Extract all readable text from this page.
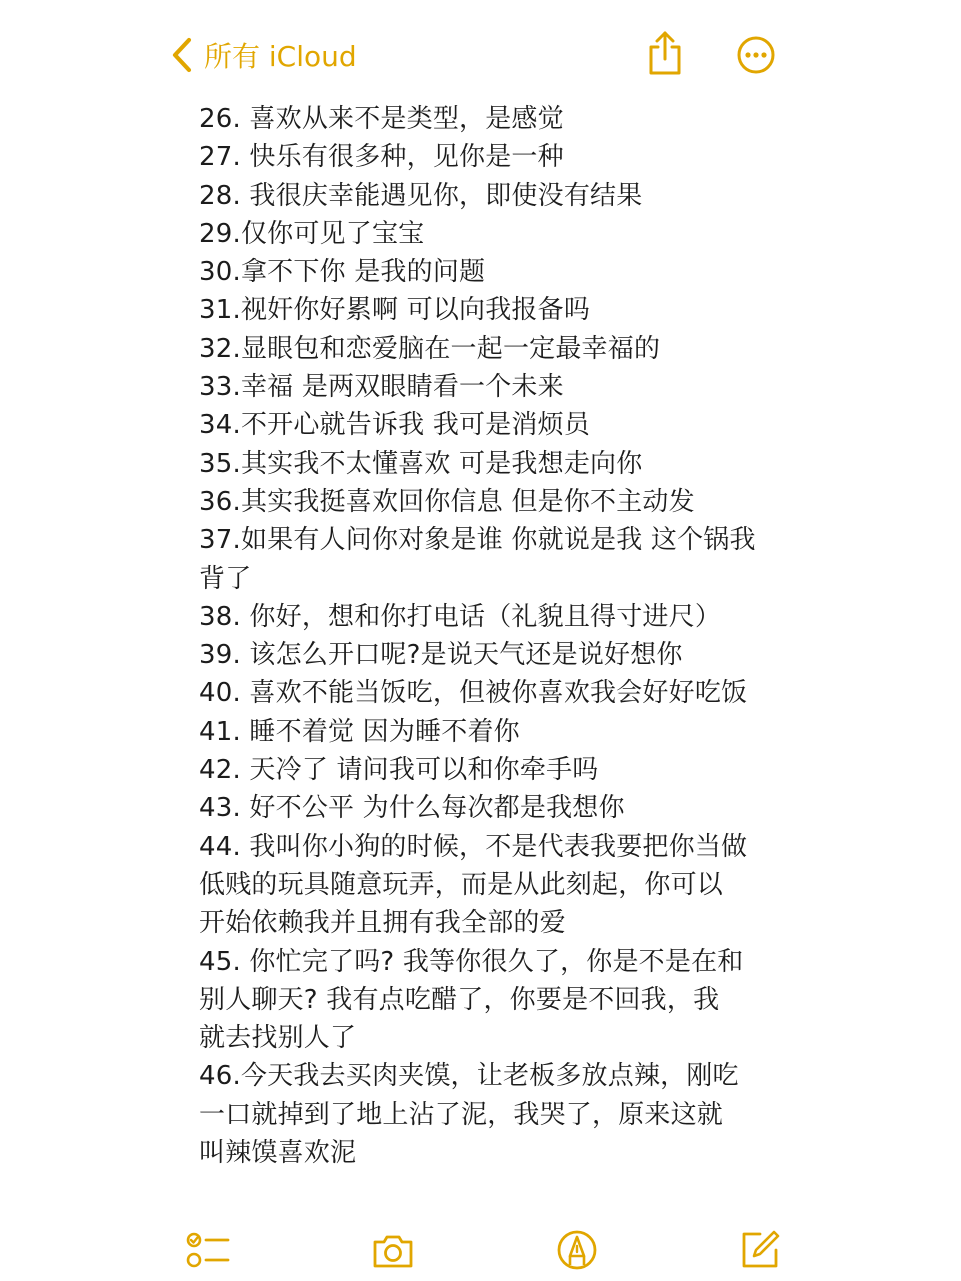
26. 喜欢从来不是类型，是感觉
27. 快乐有很多种，见你是一种
28. 我很庆幸能遇见你，即使没有结果
29.仅你可见了宝宝
30.拿不下你 是我的问题
31.视奸你好累啊 可以向我报备吗
32.显眼包和恋爱脑在一起一定最幸福的
33.幸福 是两双眼睛看一个未来
34.不开心就告诉我 我可是消烦员
35.其实我不太懂喜欢 可是我想走向你
36.其实我挺喜欢回你信息 但是你不主动发
37.如果有人问你对象是谁 你就说是我 这个锅我
背了
38. 你好，想和你打电话（礼貌且得寸进尺）
39. 该怎么开口呢?是说天气还是说好想你
40. 喜欢不能当饭吃，但被你喜欢我会好好吃饭
41. 睡不着觉 因为睡不着你
42. 天冷了 请问我可以和你牵手吗
43. 好不公平 为什么每次都是我想你
44. 我叫你小狗的时候，不是代表我要把你当做
低贱的玩具随意玩弄，而是从此刻起，你可以
开始依赖我并且拥有我全部的爱
45. 你忙完了吗? 我等你很久了，你是不是在和
别人聊天? 我有点吃醋了，你要是不回我，我
就去找别人了
46.今天我去买肉夹馍，让老板多放点辣，刚吃
一口就掉到了地上沾了泥，我哭了，原来这就
叫辣馍喜欢泥
所有 iCloud
